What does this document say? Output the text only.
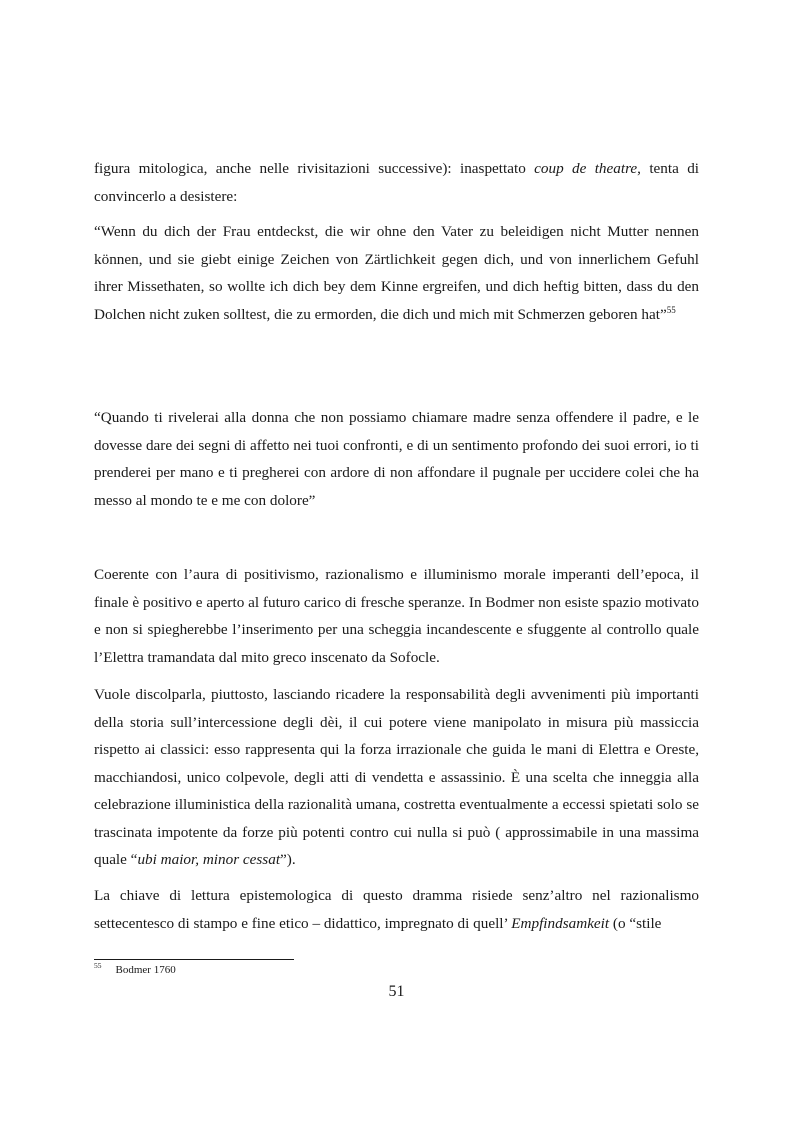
figura mitologica, anche nelle rivisitazioni successive): inaspettato coup de theatre, tenta di convincerlo a desistere:

“Wenn du dich der Frau entdeckst, die wir ohne den Vater zu beleidigen nicht Mutter nennen können, und sie giebt einige Zeichen von Zärtlichkeit gegen dich, und von innerlichem Gefuhl ihrer Missethaten, so wollte ich dich bey dem Kinne ergreifen, und dich heftig bitten, dass du den Dolchen nicht zuken solltest, die zu ermorden, die dich und mich mit Schmerzen geboren hat”$^{55}$

“Quando ti rivelerai alla donna che non possiamo chiamare madre senza offendere il padre, e le dovesse dare dei segni di affetto nei tuoi confronti, e di un sentimento profondo dei suoi errori, io ti prenderei per mano e ti pregherei con ardore di non affondare il pugnale per uccidere colei che ha messo al mondo te e me con dolore”

Coerente con l’aura di positivismo, razionalismo e illuminismo morale imperanti dell’epoca, il finale è positivo e aperto al futuro carico di fresche speranze. In Bodmer non esiste spazio motivato e non si spiegherebbe l’inserimento per una scheggia incandescente e sfuggente al controllo quale l’Elettra tramandata dal mito greco inscenato da Sofocle.

Vuole discolparla, piuttosto, lasciando ricadere la responsabilità degli avvenimenti più importanti della storia sull’intercessione degli dèi, il cui potere viene manipolato in misura più massiccia rispetto ai classici: esso rappresenta qui la forza irrazionale che guida le mani di Elettra e Oreste, macchiandosi, unico colpevole, degli atti di vendetta e assassinio. È una scelta che inneggia alla celebrazione illuministica della razionalità umana, costretta eventualmente a eccessi spietati solo se trascinata impotente da forze più potenti contro cui nulla si può ( approssimabile in una massima quale “ubi maior, minor cessat”).

La chiave di lettura epistemologica di questo dramma risiede senz’altro nel razionalismo settecentesco di stampo e fine etico – didattico, impregnato di quell’ Empfindsamkeit (o “stile

$^{55}$ Bodmer 1760
51
